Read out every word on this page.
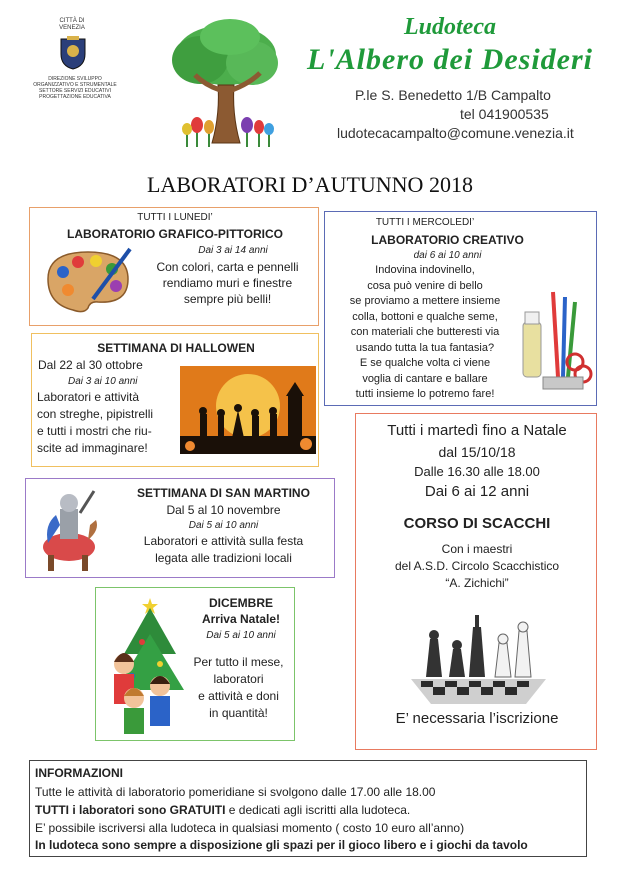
CITTÀ DI VENEZIA
DIREZIONE SVILUPPO
ORGANIZZATIVO E STRUMENTALE
SETTORE SERVIZI EDUCATIVI
PROGETTAZIONE EDUCATIVA
Ludoteca
L'Albero dei Desideri
P.le S. Benedetto 1/B Campalto
tel 041900535
ludotecacampalto@comune.venezia.it
LABORATORI D’AUTUNNO 2018
TUTTI I LUNEDI’
LABORATORIO GRAFICO-PITTORICO
Dai 3 ai 14 anni
Con colori, carta e pennelli
rendiamo muri e finestre
sempre più belli!
TUTTI I MERCOLEDI’
LABORATORIO CREATIVO
dai 6 ai 10 anni
Indovina indovinello,
cosa può venire di bello
se proviamo a mettere insieme
colla, bottoni e qualche seme,
con materiali che butteresti via
usando tutta la tua fantasia?
E se qualche volta ci viene
voglia di cantare e ballare
tutti insieme lo potremo fare!
SETTIMANA DI HALLOWEN
Dal 22 al 30 ottobre
Dai 3 ai 10 anni
Laboratori e attività
con streghe, pipistrelli
e tutti i mostri che riu-
scite ad immaginare!
Tutti i martedì fino a Natale
dal 15/10/18
Dalle 16.30 alle 18.00
Dai 6 ai 12 anni
CORSO DI SCACCHI
Con i maestri
del A.S.D. Circolo Scacchistico
“A. Zichichi”
E’ necessaria l’iscrizione
SETTIMANA DI SAN MARTINO
Dal 5 al 10 novembre
Dai 5 ai 10 anni
Laboratori e attività sulla festa
legata alle tradizioni locali
DICEMBRE
Arriva Natale!
Dai 5 ai 10 anni
Per tutto il mese,
laboratori
e attività e doni
in quantità!
INFORMAZIONI
Tutte le attività di laboratorio pomeridiane si svolgono dalle 17.00 alle 18.00
TUTTI i laboratori sono GRATUITI e dedicati agli iscritti alla ludoteca.
E’ possibile iscriversi alla ludoteca in qualsiasi momento ( costo 10 euro all’anno)
In ludoteca sono sempre a disposizione gli spazi per il gioco libero e i giochi da tavolo
